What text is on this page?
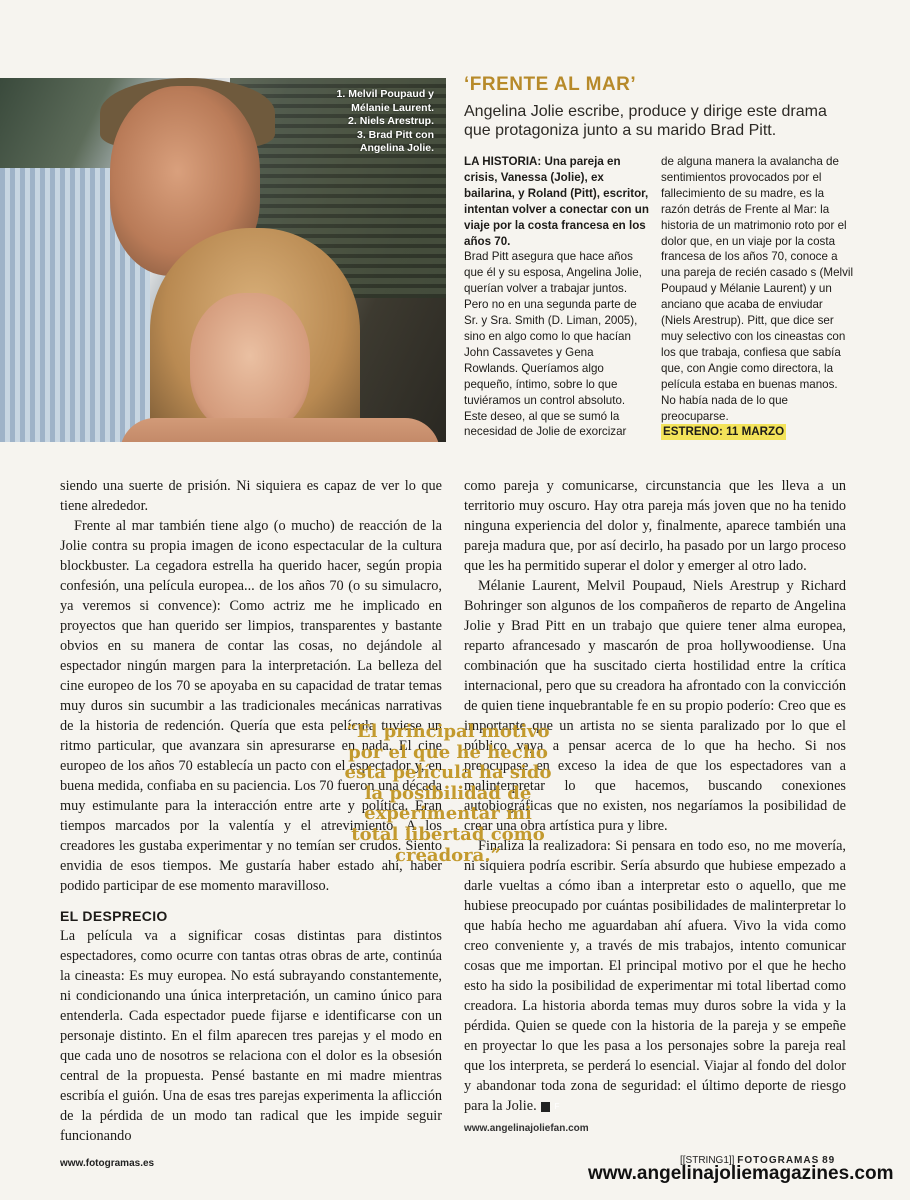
1. Melvil Poupaud y
Mélanie Laurent.
2. Niels Arestrup.
3. Brad Pitt con
Angelina Jolie.
‘FRENTE AL MAR’
Angelina Jolie escribe, produce y dirige este drama que protagoniza junto a su marido Brad Pitt.

LA HISTORIA: Una pareja en crisis, Vanessa (Jolie), ex bailarina, y Roland (Pitt), escritor, intentan volver a conectar con un viaje por la costa francesa en los años 70.

Brad Pitt asegura que hace años que él y su esposa, Angelina Jolie, querían volver a trabajar juntos. Pero no en una segunda parte de Sr. y Sra. Smith (D. Liman, 2005), sino en algo como lo que hacían John Cassavetes y Gena Rowlands. Queríamos algo pequeño, íntimo, sobre lo que tuviéramos un control absoluto. Este deseo, al que se sumó la necesidad de Jolie de exorcizar

de alguna manera la avalancha de sentimientos provocados por el fallecimiento de su madre, es la razón detrás de Frente al Mar: la historia de un matrimonio roto por el dolor que, en un viaje por la costa francesa de los años 70, conoce a una pareja de recién casado s (Melvil Poupaud y Mélanie Laurent) y un anciano que acaba de enviudar (Niels Arestrup). Pitt, que dice ser muy selectivo con los cineastas con los que trabaja, confiesa que sabía que, con Angie como directora, la película estaba en buenas manos. No había nada de lo que preocuparse.

ESTRENO: 11 MARZO

siendo una suerte de prisión. Ni siquiera es capaz de ver lo que tiene alrededor.

Frente al mar también tiene algo (o mucho) de reacción de la Jolie contra su propia imagen de icono espectacular de la cultura blockbuster. La cegadora estrella ha querido hacer, según propia confesión, una película europea... de los años 70 (o su simulacro, ya veremos si convence): Como actriz me he implicado en proyectos que han querido ser limpios, transparentes y bastante obvios en su manera de contar las cosas, no dejándole al espectador ningún margen para la interpretación. La belleza del cine europeo de los 70 se apoyaba en su capacidad de tratar temas muy duros sin sucumbir a las tradicionales mecánicas narrativas de la historia de redención. Quería que esta película tuviese un ritmo particular, que avanzara sin apresurarse en nada. El cine europeo de los años 70 establecía un pacto con el espectador y, en buena medida, confiaba en su paciencia. Los 70 fueron una década muy estimulante para la interacción entre arte y política. Eran tiempos marcados por la valentía y el atrevimiento. A los creadores les gustaba experimentar y no temían ser crudos. Siento envidia de esos tiempos. Me gustaría haber estado ahí, haber podido participar de ese momento maravilloso.

EL DESPRECIO

La película va a significar cosas distintas para distintos espectadores, como ocurre con tantas otras obras de arte, continúa la cineasta: Es muy europea. No está subrayando constantemente, ni condicionando una única interpretación, un camino único para entenderla. Cada espectador puede fijarse e identificarse con un personaje distinto. En el film aparecen tres parejas y el modo en que cada uno de nosotros se relaciona con el dolor es la obsesión central de la propuesta. Pensé bastante en mi madre mientras escribía el guión. Una de esas tres parejas experimenta la aflicción de la pérdida de un modo tan radical que les impide seguir funcionando

como pareja y comunicarse, circunstancia que les lleva a un territorio muy oscuro. Hay otra pareja más joven que no ha tenido ninguna experiencia del dolor y, finalmente, aparece también una pareja madura que, por así decirlo, ha pasado por un largo proceso que les ha permitido superar el dolor y emerger al otro lado.

Mélanie Laurent, Melvil Poupaud, Niels Arestrup y Richard Bohringer son algunos de los compañeros de reparto de Angelina Jolie y Brad Pitt en un trabajo que quiere tener alma europea, reparto afrancesado y mascarón de proa hollywoodiense. Una combinación que ha suscitado cierta hostilidad entre la crítica internacional, pero que su creadora ha afrontado con la convicción de quien tiene inquebrantable fe en su propio poderío: Creo que es importante que un artista no se sienta paralizado por lo que el público vaya a pensar acerca de lo que ha hecho. Si nos preocupase en exceso la idea de que los espectadores van a malinterpretar lo que hacemos, buscando conexiones autobiográficas que no existen, nos negaríamos la posibilidad de crear una obra artística pura y libre.

Finaliza la realizadora: Si pensara en todo eso, no me movería, ni siquiera podría escribir. Sería absurdo que hubiese empezado a darle vueltas a cómo iban a interpretar esto o aquello, que me hubiese preocupado por cuántas posibilidades de malinterpretar lo que había hecho me aguardaban ahí afuera. Vivo la vida como creo conveniente y, a través de mis trabajos, intento comunicar cosas que me importan. El principal motivo por el que he hecho esto ha sido la posibilidad de experimentar mi total libertad como creadora. La historia aborda temas muy duros sobre la vida y la pérdida. Quien se quede con la historia de la pareja y se empeñe en proyectar lo que les pasa a los personajes sobre la pareja real que los interpreta, se perderá lo esencial. Viajar al fondo del dolor y abandonar toda zona de seguridad: el último deporte de riesgo para la Jolie. F

“El principal motivo por el que he hecho esta película ha sido la posibilidad de experimentar mi total libertad como creadora.”
www.angelinajoliefan.com
www.fotogramas.es	[[STRING1]] FOTOGRAMAS 89
www.angelinajoliemagazines.com
